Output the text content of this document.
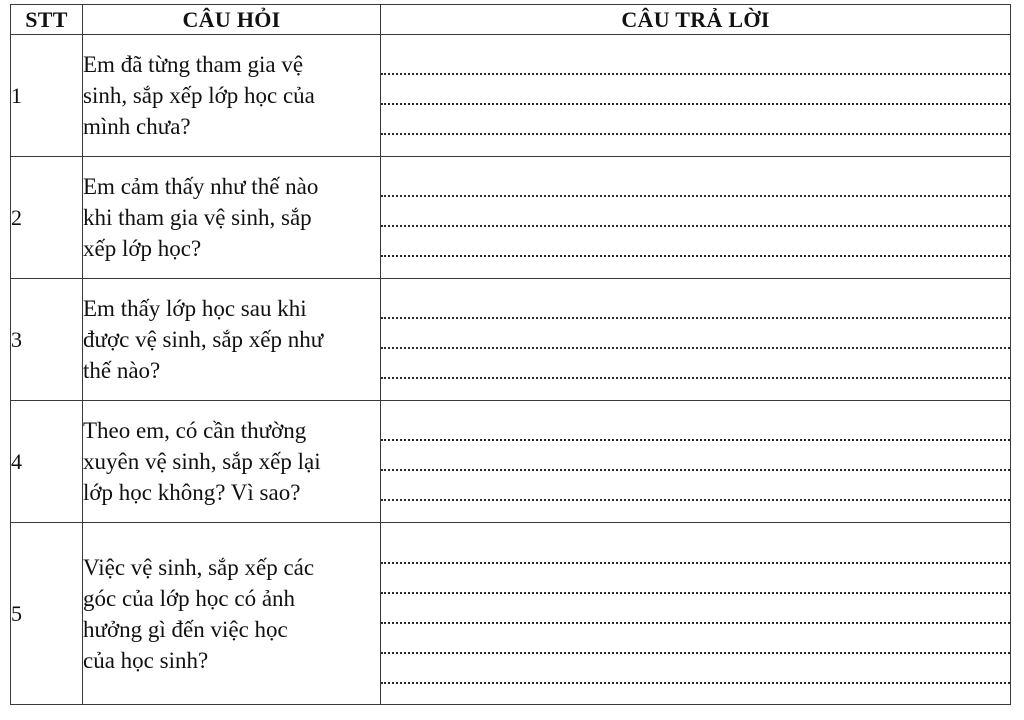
STT	CÂU HỎI	CÂU TRẢ LỜI
1	Em đã từng tham gia vệ
sinh, sắp xếp lớp học của
mình chưa?	

2	Em cảm thấy như thế nào
khi tham gia vệ sinh, sắp
xếp lớp học?	

3	Em thấy lớp học sau khi
được vệ sinh, sắp xếp như
thế nào?	

4	Theo em, có cần thường
xuyên vệ sinh, sắp xếp lại
lớp học không? Vì sao?	

5	Việc vệ sinh, sắp xếp các
góc của lớp học có ảnh
hưởng gì đến việc học
của học sinh?	
